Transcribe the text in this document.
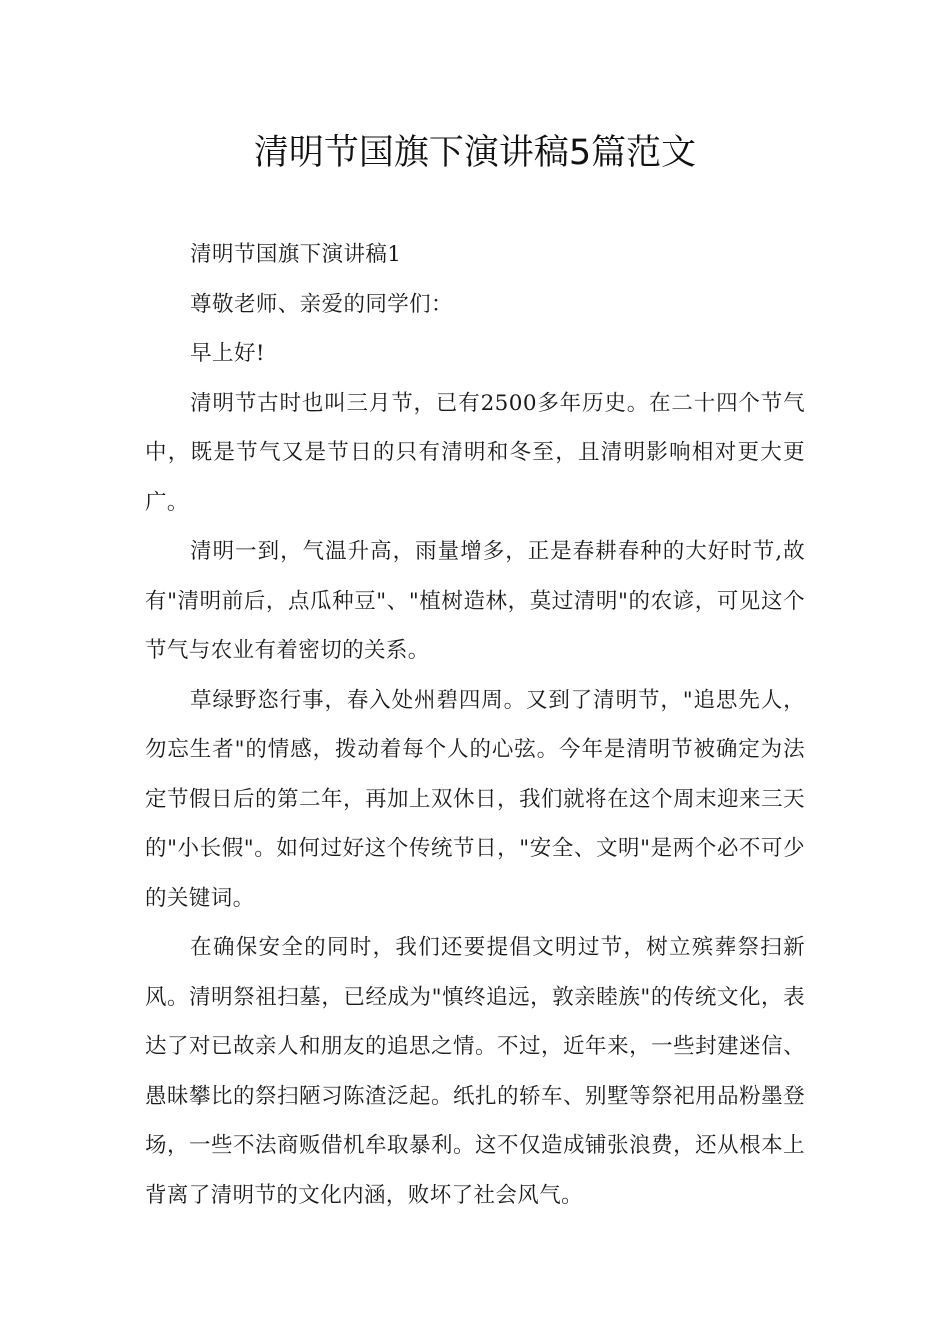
清明节国旗下演讲稿5篇范文

清明节国旗下演讲稿1

尊敬老师、亲爱的同学们：

早上好!

清明节古时也叫三月节，已有2500多年历史。在二十四个节气中，既是节气又是节日的只有清明和冬至，且清明影响相对更大更广。

清明一到，气温升高，雨量增多，正是春耕春种的大好时节,故有"清明前后，点瓜种豆"、"植树造林，莫过清明"的农谚，可见这个节气与农业有着密切的关系。

草绿野恣行事，春入处州碧四周。又到了清明节，"追思先人，勿忘生者"的情感，拨动着每个人的心弦。今年是清明节被确定为法定节假日后的第二年，再加上双休日，我们就将在这个周末迎来三天的"小长假"。如何过好这个传统节日，"安全、文明"是两个必不可少的关键词。

在确保安全的同时，我们还要提倡文明过节，树立殡葬祭扫新风。清明祭祖扫墓，已经成为"慎终追远，敦亲睦族"的传统文化，表达了对已故亲人和朋友的追思之情。不过，近年来，一些封建迷信、愚昧攀比的祭扫陋习陈渣泛起。纸扎的轿车、别墅等祭祀用品粉墨登场，一些不法商贩借机牟取暴利。这不仅造成铺张浪费，还从根本上背离了清明节的文化内涵，败坏了社会风气。
